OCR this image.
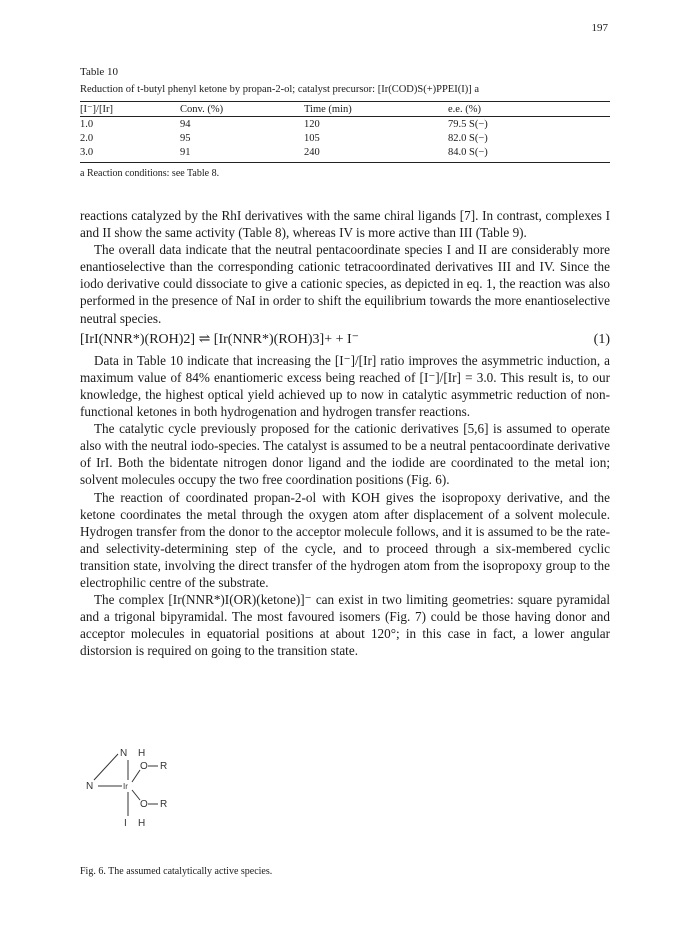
197
Table 10
Reduction of t-butyl phenyl ketone by propan-2-ol; catalyst precursor: [Ir(COD)S(+)PPEI(I)] a
[I⁻]/[Ir]	Conv. (%)	Time (min)	e.e. (%)

1.0	94	120	79.5 S(−)
2.0	95	105	82.0 S(−)
3.0	91	240	84.0 S(−)
a Reaction conditions: see Table 8.

reactions catalyzed by the RhI derivatives with the same chiral ligands [7]. In contrast, complexes I and II show the same activity (Table 8), whereas IV is more active than III (Table 9).

The overall data indicate that the neutral pentacoordinate species I and II are considerably more enantioselective than the corresponding cationic tetracoordinated derivatives III and IV. Since the iodo derivative could dissociate to give a cationic species, as depicted in eq. 1, the reaction was also performed in the presence of NaI in order to shift the equilibrium towards the more enantioselective neutral species.

[IrI(NNR*)(ROH)2] ⇌ [Ir(NNR*)(ROH)3]+ + I⁻	(1)

Data in Table 10 indicate that increasing the [I⁻]/[Ir] ratio improves the asymmetric induction, a maximum value of 84% enantiomeric excess being reached of [I⁻]/[Ir] = 3.0. This result is, to our knowledge, the highest optical yield achieved up to now in catalytic asymmetric reduction of non-functional ketones in both hydrogenation and hydrogen transfer reactions.

The catalytic cycle previously proposed for the cationic derivatives [5,6] is assumed to operate also with the neutral iodo-species. The catalyst is assumed to be a neutral pentacoordinate derivative of IrI. Both the bidentate nitrogen donor ligand and the iodide are coordinated to the metal ion; solvent molecules occupy the two free coordination positions (Fig. 6).

The reaction of coordinated propan-2-ol with KOH gives the isopropoxy derivative, and the ketone coordinates the metal through the oxygen atom after displacement of a solvent molecule. Hydrogen transfer from the donor to the acceptor molecule follows, and it is assumed to be the rate- and selectivity-determining step of the cycle, and to proceed through a six-membered cyclic transition state, involving the direct transfer of the hydrogen atom from the isopropoxy group to the electrophilic centre of the substrate.

The complex [Ir(NNR*)I(OR)(ketone)]⁻ can exist in two limiting geometries: square pyramidal and a trigonal bipyramidal. The most favoured isomers (Fig. 7) could be those having donor and acceptor molecules in equatorial positions at about 120°; in this case in fact, a lower angular distorsion is required on going to the transition state.

N H
O R
N	Ir
O R
I H
Fig. 6. The assumed catalytically active species.
